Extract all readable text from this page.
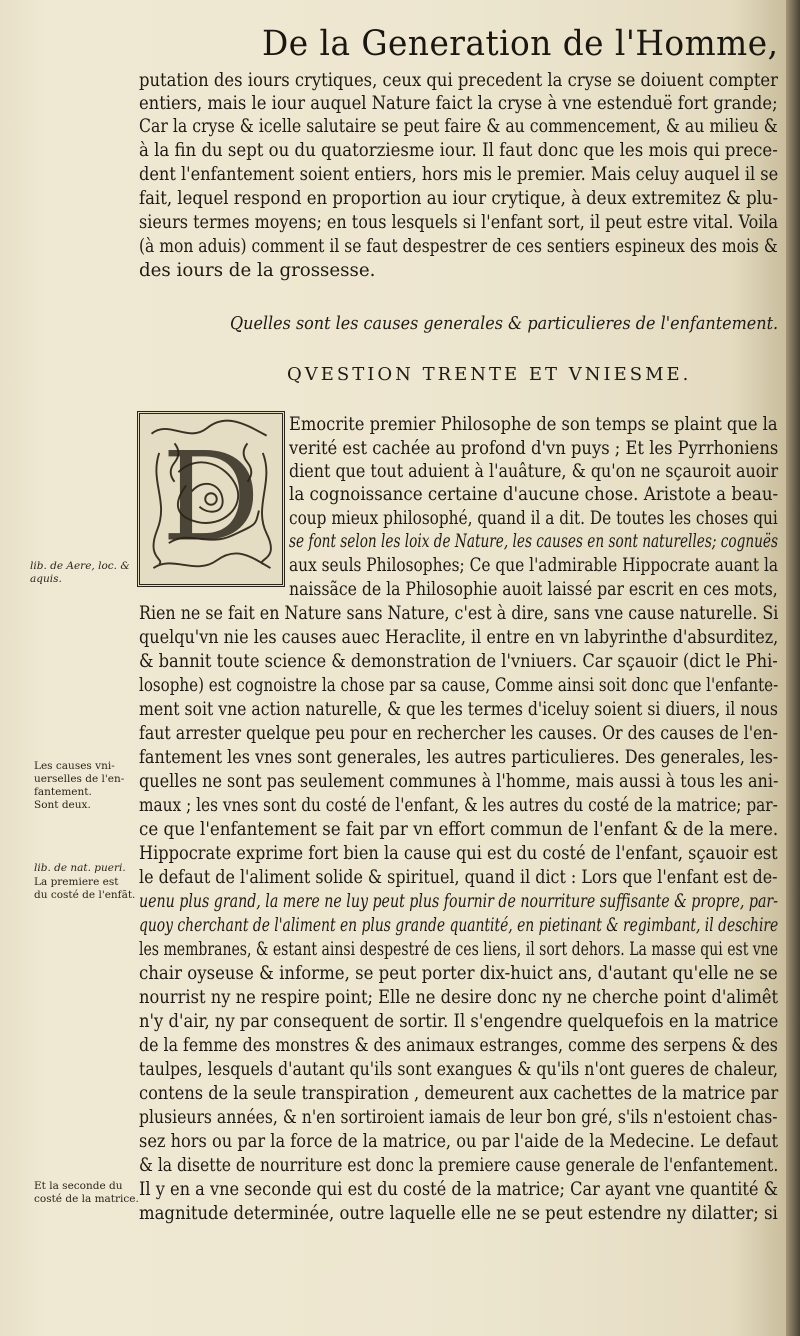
De la Generation de l'Homme,
putation des iours crytiques, ceux qui precedent la cryse se doiuent compter
entiers, mais le iour auquel Nature faict la cryse à vne estenduë fort grande;
Car la cryse & icelle salutaire se peut faire & au commencement, & au milieu &
à la fin du sept ou du quatorziesme iour. Il faut donc que les mois qui prece-
dent l'enfantement soient entiers, hors mis le premier. Mais celuy auquel il se
fait, lequel respond en proportion au iour crytique, à deux extremitez & plu-
sieurs termes moyens; en tous lesquels si l'enfant sort, il peut estre vital. Voila
(à mon aduis) comment il se faut despestrer de ces sentiers espineux des mois &
des iours de la grossesse.
Quelles sont les causes generales & particulieres de l'enfantement.
QVESTION TRENTE ET VNIESME.
D
Emocrite premier Philosophe de son temps se plaint que la
verité est cachée au profond d'vn puys ; Et les Pyrrhoniens
dient que tout aduient à l'auâture, & qu'on ne sçauroit auoir
la cognoissance certaine d'aucune chose. Aristote a beau-
coup mieux philosophé, quand il a dit. De toutes les choses qui
se font selon les loix de Nature, les causes en sont naturelles; cognuës
aux seuls Philosophes; Ce que l'admirable Hippocrate auant la
naissãce de la Philosophie auoit laissé par escrit en ces mots,
Rien ne se fait en Nature sans Nature, c'est à dire, sans vne cause naturelle. Si
quelqu'vn nie les causes auec Heraclite, il entre en vn labyrinthe d'absurditez,
& bannit toute science & demonstration de l'vniuers. Car sçauoir (dict le Phi-
losophe) est cognoistre la chose par sa cause, Comme ainsi soit donc que l'enfante-
ment soit vne action naturelle, & que les termes d'iceluy soient si diuers, il nous
faut arrester quelque peu pour en rechercher les causes. Or des causes de l'en-
fantement les vnes sont generales, les autres particulieres. Des generales, les-
quelles ne sont pas seulement communes à l'homme, mais aussi à tous les ani-
maux ; les vnes sont du costé de l'enfant, & les autres du costé de la matrice; par-
ce que l'enfantement se fait par vn effort commun de l'enfant & de la mere.
Hippocrate exprime fort bien la cause qui est du costé de l'enfant, sçauoir est
le defaut de l'aliment solide & spirituel, quand il dict : Lors que l'enfant est de-
uenu plus grand, la mere ne luy peut plus fournir de nourriture suffisante & propre, par-
quoy cherchant de l'aliment en plus grande quantité, en pietinant & regimbant, il deschire
les membranes, & estant ainsi despestré de ces liens, il sort dehors. La masse qui est vne
chair oyseuse & informe, se peut porter dix-huict ans, d'autant qu'elle ne se
nourrist ny ne respire point; Elle ne desire donc ny ne cherche point d'alimêt
n'y d'air, ny par consequent de sortir. Il s'engendre quelquefois en la matrice
de la femme des monstres & des animaux estranges, comme des serpens & des
taulpes, lesquels d'autant qu'ils sont exangues & qu'ils n'ont gueres de chaleur,
contens de la seule transpiration , demeurent aux cachettes de la matrice par
plusieurs années, & n'en sortiroient iamais de leur bon gré, s'ils n'estoient chas-
sez hors ou par la force de la matrice, ou par l'aide de la Medecine. Le defaut
& la disette de nourriture est donc la premiere cause generale de l'enfantement.
Il y en a vne seconde qui est du costé de la matrice; Car ayant vne quantité &
magnitude determinée, outre laquelle elle ne se peut estendre ny dilatter; si
lib. de Aere, loc. &
aquis.
Les causes vni-
uerselles de l'en-
fantement.
Sont deux.
lib. de nat. pueri.
La premiere est
du costé de l'enfãt.
Et la seconde du
costé de la matrice.
